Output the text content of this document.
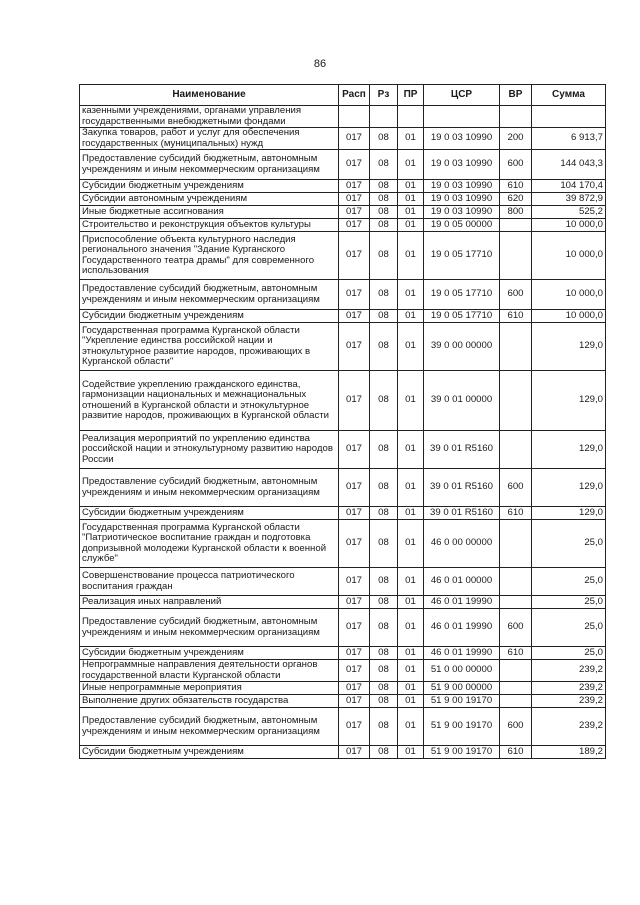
86
Наименование	Расп	Рз	ПР	ЦСР	ВР	Сумма
казенными учреждениями, органами управления государственными внебюджетными фондами						
Закупка товаров, работ и услуг для обеспечения государственных (муниципальных) нужд	017	08	01	19 0 03 10990	200	6 913,7
Предоставление субсидий бюджетным, автономным учреждениям и иным некоммерческим организациям	017	08	01	19 0 03 10990	600	144 043,3
Субсидии бюджетным учреждениям	017	08	01	19 0 03 10990	610	104 170,4
Субсидии автономным учреждениям	017	08	01	19 0 03 10990	620	39 872,9
Иные бюджетные ассигнования	017	08	01	19 0 03 10990	800	525,2
Строительство и реконструкция объектов культуры	017	08	01	19 0 05 00000		10 000,0
Приспособление объекта культурного наследия регионального значения "Здание Курганского Государственного театра драмы" для современного использования	017	08	01	19 0 05 17710		10 000,0
Предоставление субсидий бюджетным, автономным учреждениям и иным некоммерческим организациям	017	08	01	19 0 05 17710	600	10 000,0
Субсидии бюджетным учреждениям	017	08	01	19 0 05 17710	610	10 000,0
Государственная программа Курганской области "Укрепление единства российской нации и этнокультурное развитие народов, проживающих в Курганской области"	017	08	01	39 0 00 00000		129,0
Содействие укреплению гражданского единства, гармонизации национальных и межнациональных отношений в Курганской области и этнокультурное развитие народов, проживающих в Курганской области	017	08	01	39 0 01 00000		129,0
Реализация мероприятий по укреплению единства российской нации и этнокультурному развитию народов России	017	08	01	39 0 01 R5160		129,0
Предоставление субсидий бюджетным, автономным учреждениям и иным некоммерческим организациям	017	08	01	39 0 01 R5160	600	129,0
Субсидии бюджетным учреждениям	017	08	01	39 0 01 R5160	610	129,0
Государственная программа Курганской области "Патриотическое воспитание граждан и подготовка допризывной молодежи Курганской области к военной службе"	017	08	01	46 0 00 00000		25,0
Совершенствование процесса патриотического воспитания граждан	017	08	01	46 0 01 00000		25,0
Реализация иных направлений	017	08	01	46 0 01 19990		25,0
Предоставление субсидий бюджетным, автономным учреждениям и иным некоммерческим организациям	017	08	01	46 0 01 19990	600	25,0
Субсидии бюджетным учреждениям	017	08	01	46 0 01 19990	610	25,0
Непрограммные направления деятельности органов государственной власти Курганской области	017	08	01	51 0 00 00000		239,2
Иные непрограммные мероприятия	017	08	01	51 9 00 00000		239,2
Выполнение других обязательств государства	017	08	01	51 9 00 19170		239,2
Предоставление субсидий бюджетным, автономным учреждениям и иным некоммерческим организациям	017	08	01	51 9 00 19170	600	239,2
Субсидии бюджетным учреждениям	017	08	01	51 9 00 19170	610	189,2
